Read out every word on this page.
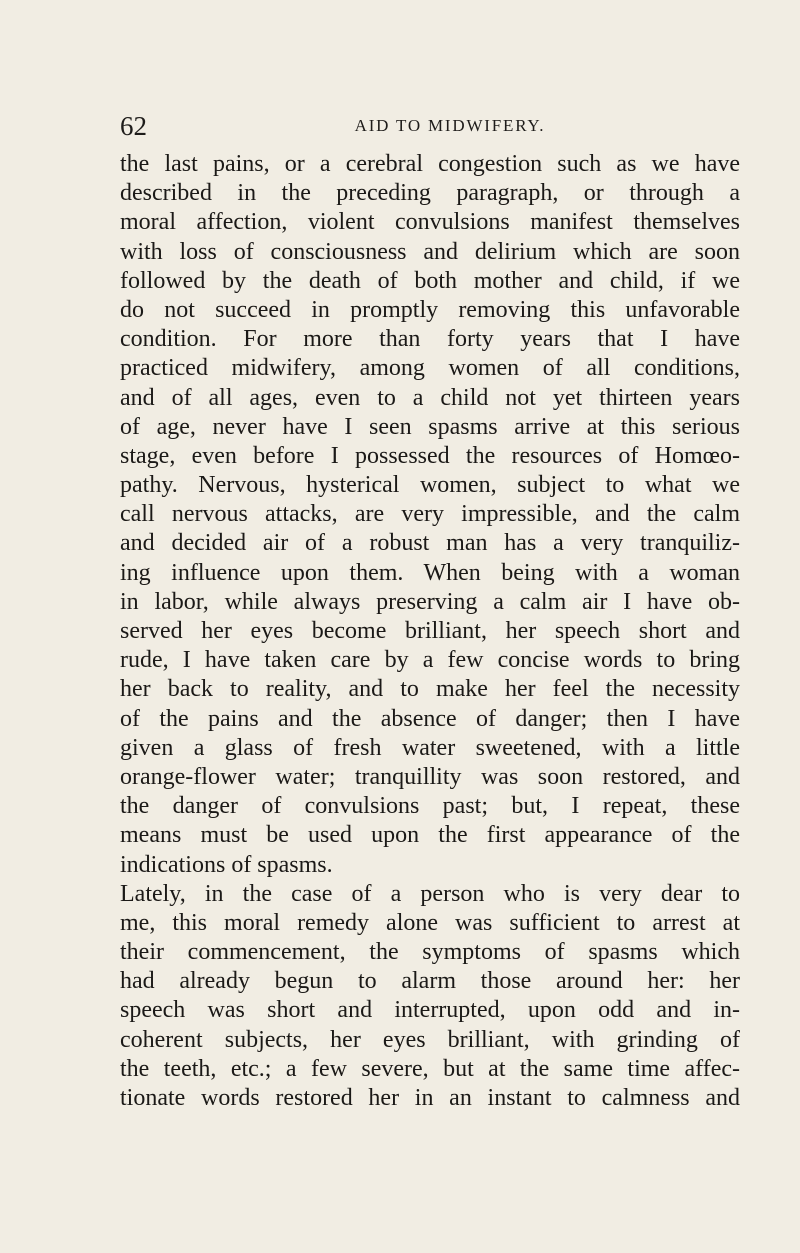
62	AID TO MIDWIFERY.
the last pains, or a cerebral congestion such as we have
described in the preceding paragraph, or through a
moral affection, violent convulsions manifest themselves
with loss of consciousness and delirium which are soon
followed by the death of both mother and child, if we
do not succeed in promptly removing this unfavorable
condition. For more than forty years that I have
practiced midwifery, among women of all conditions,
and of all ages, even to a child not yet thirteen years
of age, never have I seen spasms arrive at this serious
stage, even before I possessed the resources of Homœo-
pathy. Nervous, hysterical women, subject to what we
call nervous attacks, are very impressible, and the calm
and decided air of a robust man has a very tranquiliz-
ing influence upon them. When being with a woman
in labor, while always preserving a calm air I have ob-
served her eyes become brilliant, her speech short and
rude, I have taken care by a few concise words to bring
her back to reality, and to make her feel the necessity
of the pains and the absence of danger; then I have
given a glass of fresh water sweetened, with a little
orange-flower water; tranquillity was soon restored, and
the danger of convulsions past; but, I repeat, these
means must be used upon the first appearance of the
indications of spasms.
Lately, in the case of a person who is very dear to
me, this moral remedy alone was sufficient to arrest at
their commencement, the symptoms of spasms which
had already begun to alarm those around her: her
speech was short and interrupted, upon odd and in-
coherent subjects, her eyes brilliant, with grinding of
the teeth, etc.; a few severe, but at the same time affec-
tionate words restored her in an instant to calmness and
